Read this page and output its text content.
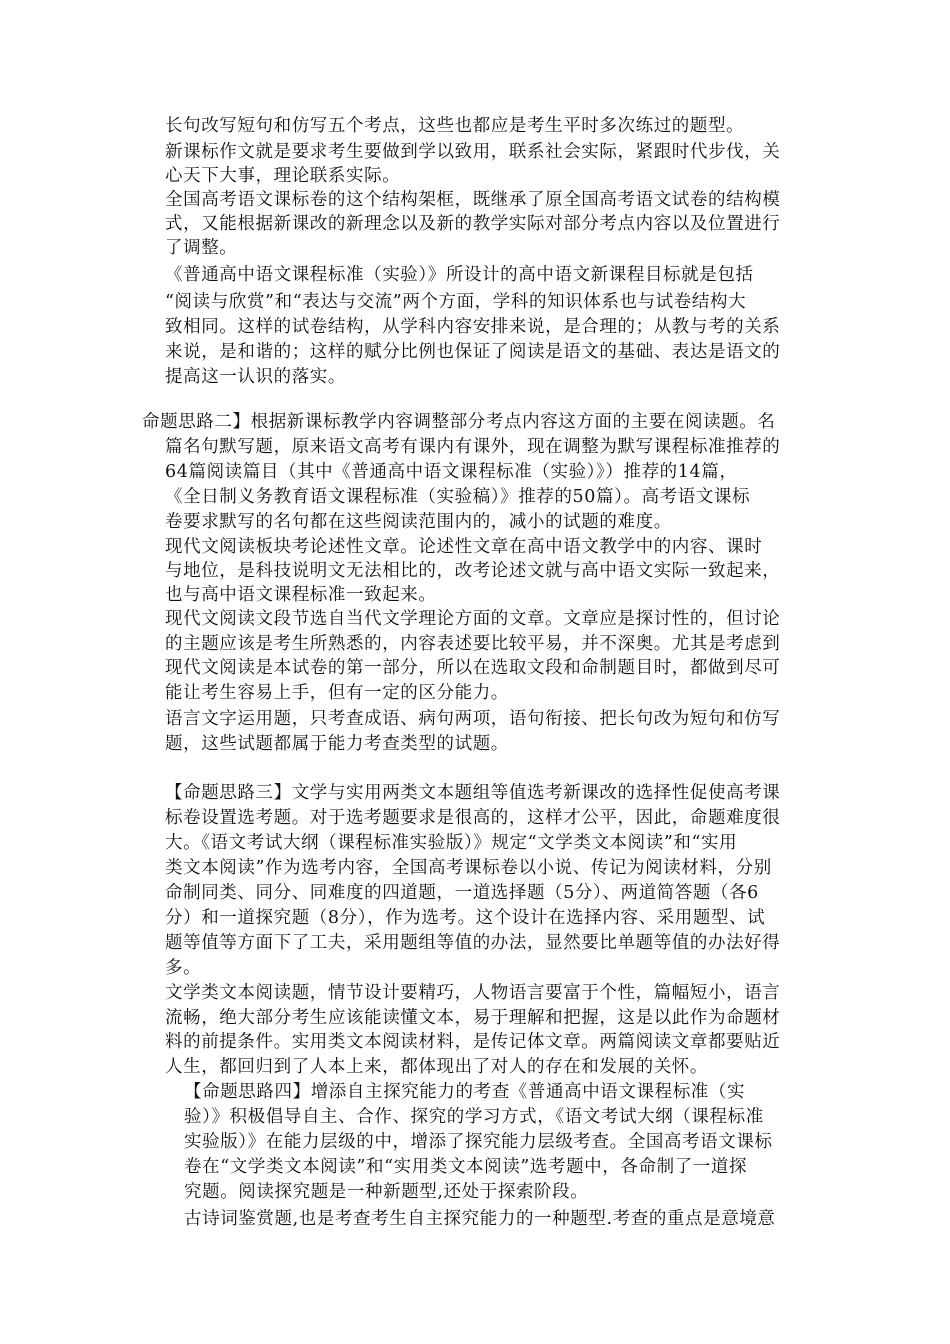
长句改写短句和仿写五个考点，这些也都应是考生平时多次练过的题型。
新课标作文就是要求考生要做到学以致用，联系社会实际，紧跟时代步伐，关
心天下大事，理论联系实际。
全国高考语文课标卷的这个结构架框，既继承了原全国高考语文试卷的结构模
式，又能根据新课改的新理念以及新的教学实际对部分考点内容以及位置进行
了调整。
《普通高中语文课程标准（实验）》所设计的高中语文新课程目标就是包括
“阅读与欣赏”和“表达与交流”两个方面，学科的知识体系也与试卷结构大
致相同。这样的试卷结构，从学科内容安排来说，是合理的；从教与考的关系
来说，是和谐的；这样的赋分比例也保证了阅读是语文的基础、表达是语文的
提高这一认识的落实。
命题思路二】根据新课标教学内容调整部分考点内容这方面的主要在阅读题。名
篇名句默写题，原来语文高考有课内有课外，现在调整为默写课程标准推荐的
64篇阅读篇目（其中《普通高中语文课程标准（实验）》）推荐的14篇，
《全日制义务教育语文课程标准（实验稿）》推荐的50篇）。高考语文课标
卷要求默写的名句都在这些阅读范围内的，减小的试题的难度。
现代文阅读板块考论述性文章。论述性文章在高中语文教学中的内容、课时
与地位，是科技说明文无法相比的，改考论述文就与高中语文实际一致起来，
也与高中语文课程标准一致起来。
现代文阅读文段节选自当代文学理论方面的文章。文章应是探讨性的，但讨论
的主题应该是考生所熟悉的，内容表述要比较平易，并不深奥。尤其是考虑到
现代文阅读是本试卷的第一部分，所以在选取文段和命制题目时，都做到尽可
能让考生容易上手，但有一定的区分能力。
语言文字运用题，只考查成语、病句两项，语句衔接、把长句改为短句和仿写
题，这些试题都属于能力考查类型的试题。
【命题思路三】文学与实用两类文本题组等值选考新课改的选择性促使高考课
标卷设置选考题。对于选考题要求是很高的，这样才公平，因此，命题难度很
大。《语文考试大纲（课程标准实验版）》规定“文学类文本阅读”和“实用
类文本阅读”作为选考内容，全国高考课标卷以小说、传记为阅读材料，分别
命制同类、同分、同难度的四道题，一道选择题（5分）、两道简答题（各6
分）和一道探究题（8分），作为选考。这个设计在选择内容、采用题型、试
题等值等方面下了工夫，采用题组等值的办法，显然要比单题等值的办法好得
多。
文学类文本阅读题，情节设计要精巧，人物语言要富于个性，篇幅短小，语言
流畅，绝大部分考生应该能读懂文本，易于理解和把握，这是以此作为命题材
料的前提条件。实用类文本阅读材料，是传记体文章。两篇阅读文章都要贴近
人生，都回归到了人本上来，都体现出了对人的存在和发展的关怀。
【命题思路四】增添自主探究能力的考查《普通高中语文课程标准（实
验）》积极倡导自主、合作、探究的学习方式，《语文考试大纲（课程标准
实验版）》在能力层级的中，增添了探究能力层级考查。全国高考语文课标
卷在“文学类文本阅读”和“实用类文本阅读”选考题中，各命制了一道探
究题。阅读探究题是一种新题型,还处于探索阶段。
古诗词鉴赏题,也是考查考生自主探究能力的一种题型.考查的重点是意境意
